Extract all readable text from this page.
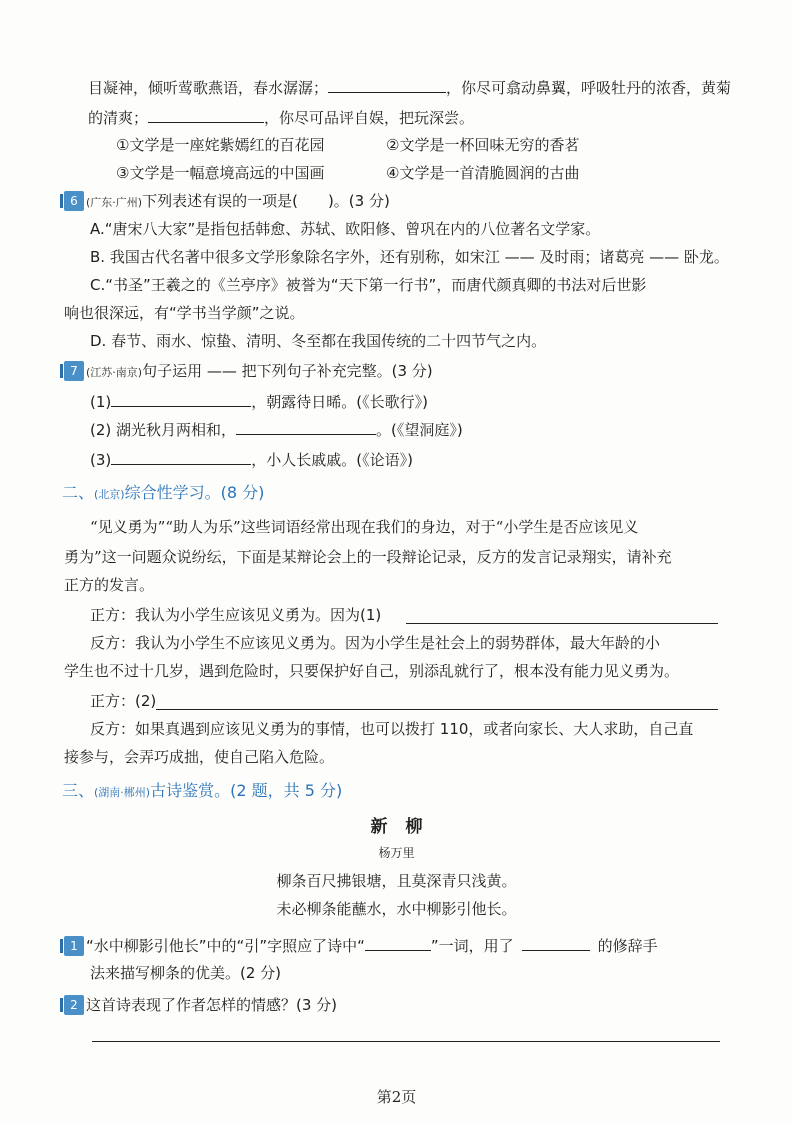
目凝神，倾听莺歌燕语，春水潺潺；	，你尽可翕动鼻翼，呼吸牡丹的浓香，黄菊
的清爽；	，你尽可品评自娱，把玩深尝。
①文学是一座姹紫嫣红的百花园	②文学是一杯回味无穷的香茗
③文学是一幅意境高远的中国画	④文学是一首清脆圆润的古曲
6 (广东·广州)下列表述有误的一项是(　　)。(3 分)
A.“唐宋八大家”是指包括韩愈、苏轼、欧阳修、曾巩在内的八位著名文学家。
B. 我国古代名著中很多文学形象除名字外，还有别称，如宋江 —— 及时雨；诸葛亮 —— 卧龙。
C.“书圣”王羲之的《兰亭序》被誉为“天下第一行书”，而唐代颜真卿的书法对后世影
响也很深远，有“学书当学颜”之说。
D. 春节、雨水、惊蛰、清明、冬至都在我国传统的二十四节气之内。
7 (江苏·南京)句子运用 —— 把下列句子补充完整。(3 分)
(1)	，朝露待日晞。(《长歌行》)
(2) 湖光秋月两相和，	。(《望洞庭》)
(3)	，小人长戚戚。(《论语》)
二、(北京)综合性学习。(8 分)
“见义勇为”“助人为乐”这些词语经常出现在我们的身边，对于“小学生是否应该见义
勇为”这一问题众说纷纭，下面是某辩论会上的一段辩论记录，反方的发言记录翔实，请补充
正方的发言。
正方：我认为小学生应该见义勇为。因为(1)
反方：我认为小学生不应该见义勇为。因为小学生是社会上的弱势群体，最大年龄的小
学生也不过十几岁，遇到危险时，只要保护好自己，别添乱就行了，根本没有能力见义勇为。
正方：(2)
反方：如果真遇到应该见义勇为的事情，也可以拨打 110，或者向家长、大人求助，自己直
接参与，会弄巧成拙，使自己陷入危险。
三、(湖南·郴州)古诗鉴赏。(2 题，共 5 分)
新柳
杨万里
柳条百尺拂银塘，且莫深青只浅黄。
未必柳条能蘸水，水中柳影引他长。
1 “水中柳影引他长”中的“引”字照应了诗中“	”一词，用了	的修辞手
法来描写柳条的优美。(2 分)
2 这首诗表现了作者怎样的情感？(3 分)
第2页
